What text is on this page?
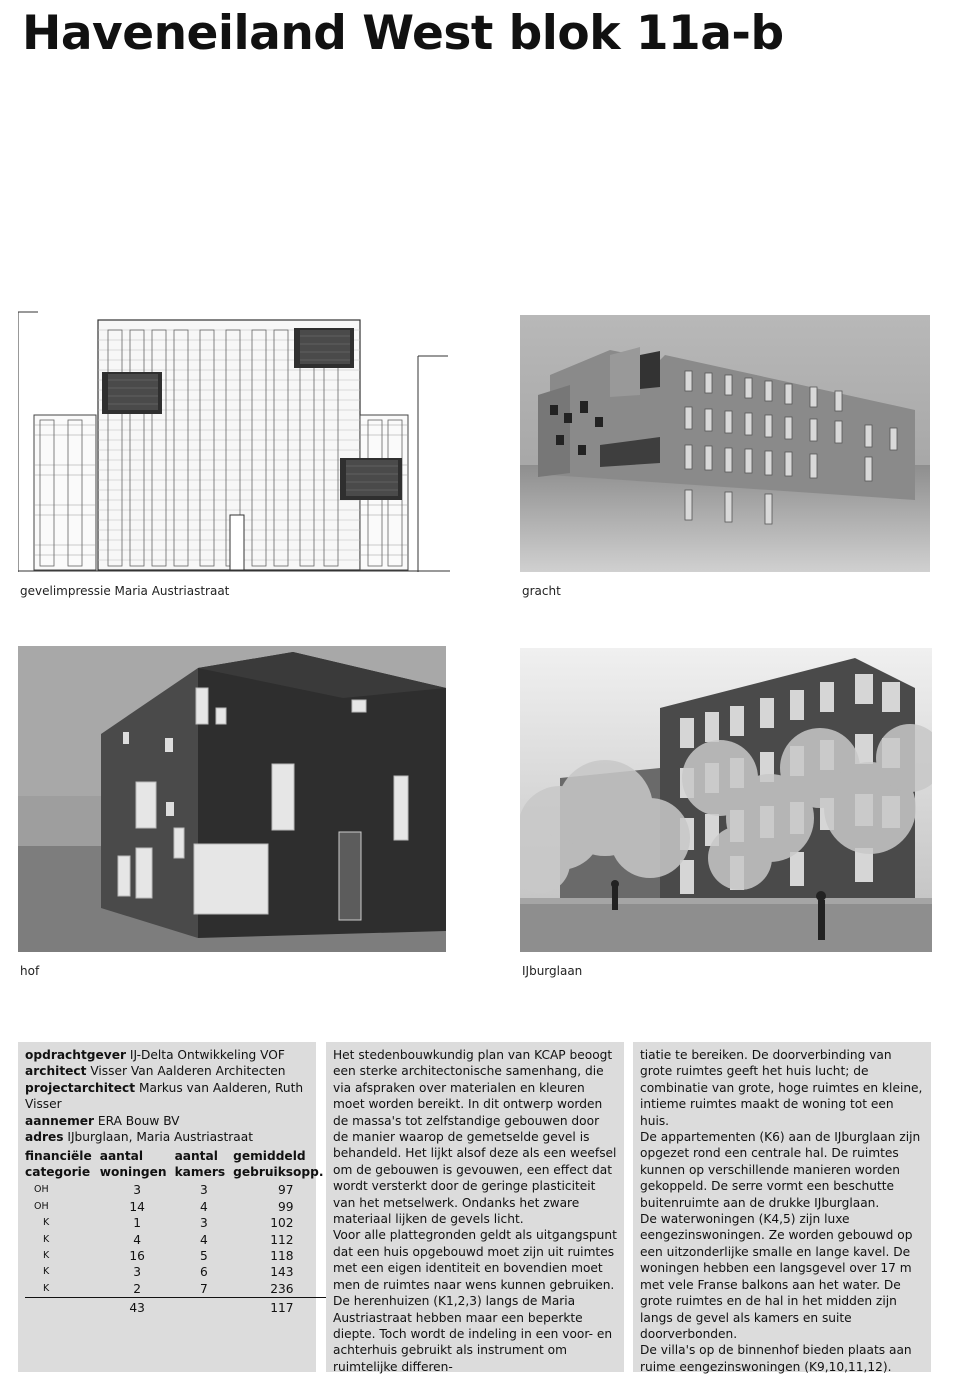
Haveneiland West blok 11a-b
gevelimpressie Maria Austriastraat	gracht
hof	IJburglaan
opdrachtgever IJ-Delta Ontwikkeling VOF
architect Visser Van Aalderen Architecten
projectarchitect Markus van Aalderen, Ruth Visser
aannemer ERA Bouw BV
adres IJburglaan, Maria Austriastraat
financiële categorie	aantal woningen	aantal kamers	gemiddeld gebruiksopp.
OH	3	3	97
OH	14	4	99
K	1	3	102
K	4	4	112
K	16	5	118
K	3	6	143
K	2	7	236
	43		117

Het stedenbouwkundig plan van KCAP beoogt een sterke architectonische samenhang, die via afspraken over materialen en kleuren moet worden bereikt. In dit ontwerp worden de massa's tot zelfstandige gebouwen door de manier waarop de gemetselde gevel is behandeld. Het lijkt alsof deze als een weefsel om de gebouwen is gevouwen, een effect dat wordt versterkt door de geringe plasticiteit van het metselwerk. Ondanks het zware materiaal lijken de gevels licht.

Voor alle plattegronden geldt als uitgangspunt dat een huis opgebouwd moet zijn uit ruimtes met een eigen identiteit en bovendien moet men de ruimtes naar wens kunnen gebruiken.

De herenhuizen (K1,2,3) langs de Maria Austriastraat hebben maar een beperkte diepte. Toch wordt de indeling in een voor- en achterhuis gebruikt als instrument om ruimtelijke differen-

tiatie te bereiken. De doorverbinding van grote ruimtes geeft het huis lucht; de combinatie van grote, hoge ruimtes en kleine, intieme ruimtes maakt de woning tot een huis.

De appartementen (K6) aan de IJburglaan zijn opgezet rond een centrale hal. De ruimtes kunnen op verschillende manieren worden gekoppeld. De serre vormt een beschutte buitenruimte aan de drukke IJburglaan.

De waterwoningen (K4,5) zijn luxe eengezinswoningen. Ze worden gebouwd op een uitzonderlijke smalle en lange kavel. De woningen hebben een langsgevel over 17 m met vele Franse balkons aan het water. De grote ruimtes en de hal in het midden zijn langs de gevel als kamers en suite doorverbonden.

De villa's op de binnenhof bieden plaats aan ruime eengezinswoningen (K9,10,11,12).
